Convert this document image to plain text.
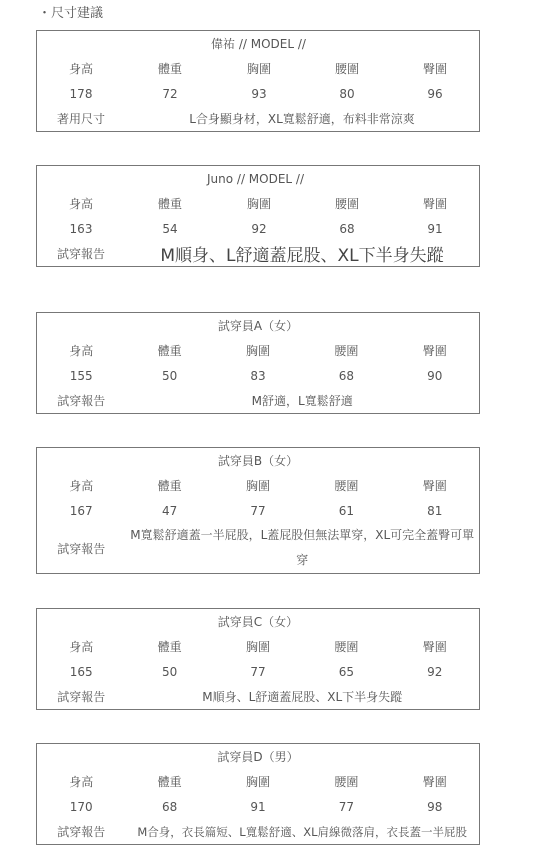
・尺寸建議
		偉祐 // MODEL //		
身高	體重	胸圍	腰圍	臀圍
178	72	93	80	96
著用尺寸	L合身顯身材，XL寬鬆舒適，布料非常涼爽			
		Juno // MODEL //		
身高	體重	胸圍	腰圍	臀圍
163	54	92	68	91
試穿報告	M順身、L舒適蓋屁股、XL下半身失蹤			
試穿員A（女）				
身高	體重	胸圍	腰圍	臀圍
155	50	83	68	90
試穿報告	M舒適，L寬鬆舒適			
試穿員B（女）				
身高	體重	胸圍	腰圍	臀圍
167	47	77	61	81
試穿報告	M寬鬆舒適蓋一半屁股，L蓋屁股但無法單穿，XL可完全蓋臀可單穿			
試穿員C（女）				
身高	體重	胸圍	腰圍	臀圍
165	50	77	65	92
試穿報告	M順身、L舒適蓋屁股、XL下半身失蹤			
試穿員D（男）				
身高	體重	胸圍	腰圍	臀圍
170	68	91	77	98
試穿報告	M合身，衣長篇短、L寬鬆舒適、XL肩線微落肩，衣長蓋一半屁股			
